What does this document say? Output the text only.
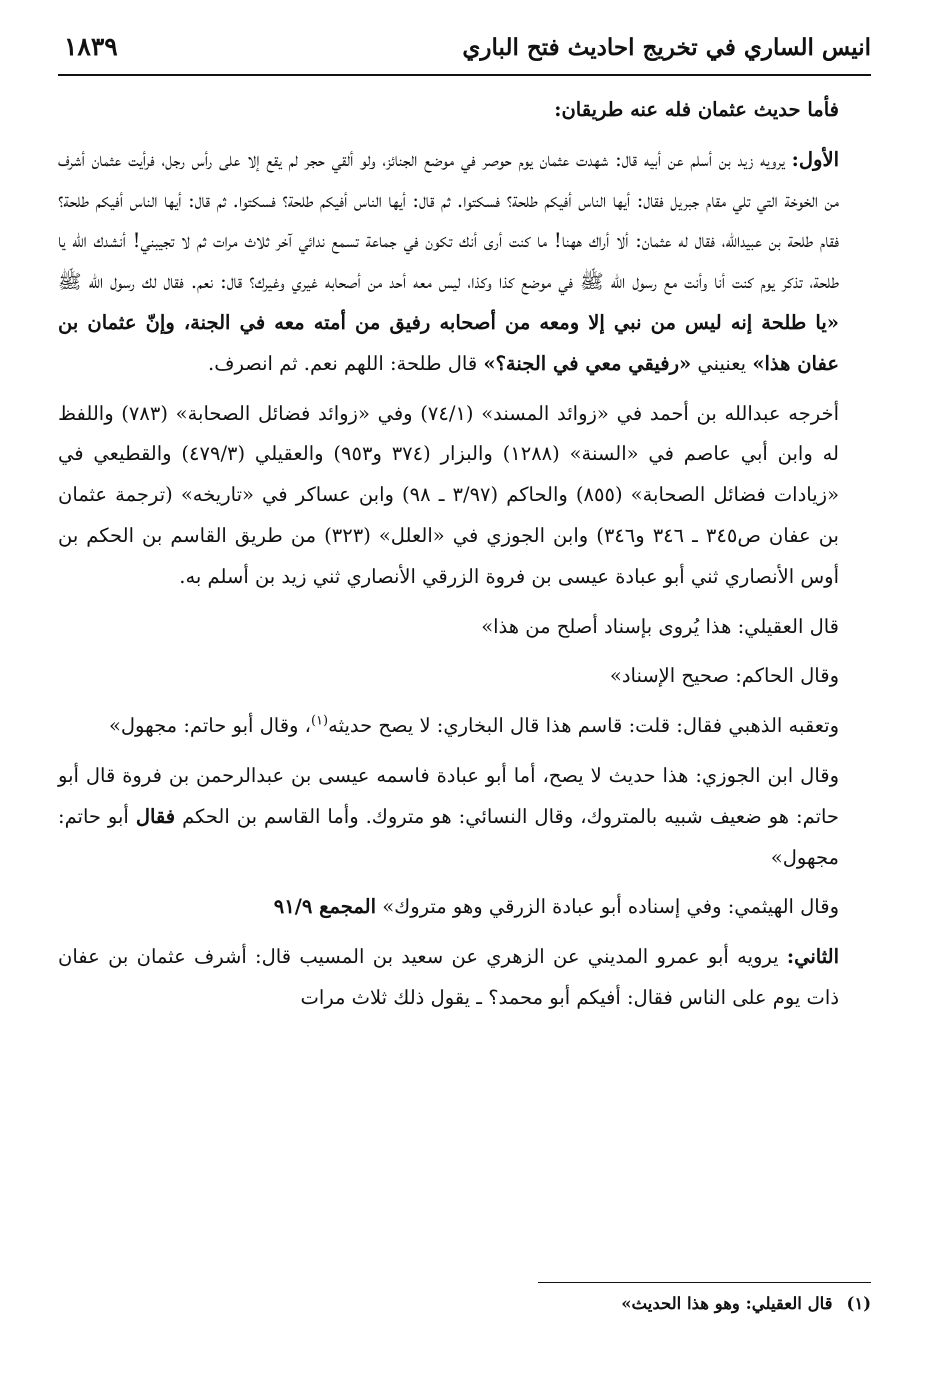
انيس الساري في تخريج احاديث فتح الباري
١٨٣٩

فأما حديث عثمان فله عنه طريقان:

الأول: يرويه زيد بن أسلم عن أبيه قال: شهدت عثمان يوم حوصر في موضع الجنائز، ولو ألقي حجر لم يقع إلا على رأس رجل، فرأيت عثمان أشرف من الخوخة التي تلي مقام جبريل فقال: أيها الناس أفيكم طلحة؟ فسكتوا. ثم قال: أيها الناس أفيكم طلحة؟ فسكتوا. ثم قال: أيها الناس أفيكم طلحة؟ فقام طلحة بن عبيدالله، فقال له عثمان: ألا أراك ههنا! ما كنت أرى أنك تكون في جماعة تسمع ندائي آخر ثلاث مرات ثم لا تجيبني! أنشدك الله يا طلحة، تذكر يوم كنت أنا وأنت مع رسول الله ﷺ في موضع كذا وكذا، ليس معه أحد من أصحابه غيري وغيرك؟ قال: نعم. فقال لك رسول الله ﷺ «يا طلحة إنه ليس من نبي إلا ومعه من أصحابه رفيق من أمته معه في الجنة، وإنّ عثمان بن عفان هذا» يعنيني «رفيقي معي في الجنة؟» قال طلحة: اللهم نعم. ثم انصرف.

أخرجه عبدالله بن أحمد في «زوائد المسند» (٧٤/١) وفي «زوائد فضائل الصحابة» (٧٨٣) واللفظ له وابن أبي عاصم في «السنة» (١٢٨٨) والبزار (٣٧٤ و٩٥٣) والعقيلي (٤٧٩/٣) والقطيعي في «زيادات فضائل الصحابة» (٨٥٥) والحاكم (٣/٩٧ ـ ٩٨) وابن عساكر في «تاريخه» (ترجمة عثمان بن عفان ص٣٤٥ ـ ٣٤٦ و٣٤٦) وابن الجوزي في «العلل» (٣٢٣) من طريق القاسم بن الحكم بن أوس الأنصاري ثني أبو عبادة عيسى بن فروة الزرقي الأنصاري ثني زيد بن أسلم به.

قال العقيلي: هذا يُروى بإسناد أصلح من هذا»

وقال الحاكم: صحيح الإسناد»

وتعقبه الذهبي فقال: قلت: قاسم هذا قال البخاري: لا يصح حديثه$^{(١)}$، وقال أبو حاتم: مجهول»

وقال ابن الجوزي: هذا حديث لا يصح، أما أبو عبادة فاسمه عيسى بن عبدالرحمن بن فروة قال أبو حاتم: هو ضعيف شبيه بالمتروك، وقال النسائي: هو متروك. وأما القاسم بن الحكم فقال أبو حاتم: مجهول»

وقال الهيثمي: وفي إسناده أبو عبادة الزرقي وهو متروك» المجمع ٩١/٩

الثاني: يرويه أبو عمرو المديني عن الزهري عن سعيد بن المسيب قال: أشرف عثمان بن عفان ذات يوم على الناس فقال: أفيكم أبو محمد؟ ـ يقول ذلك ثلاث مرات

(١)قال العقيلي: وهو هذا الحديث»
